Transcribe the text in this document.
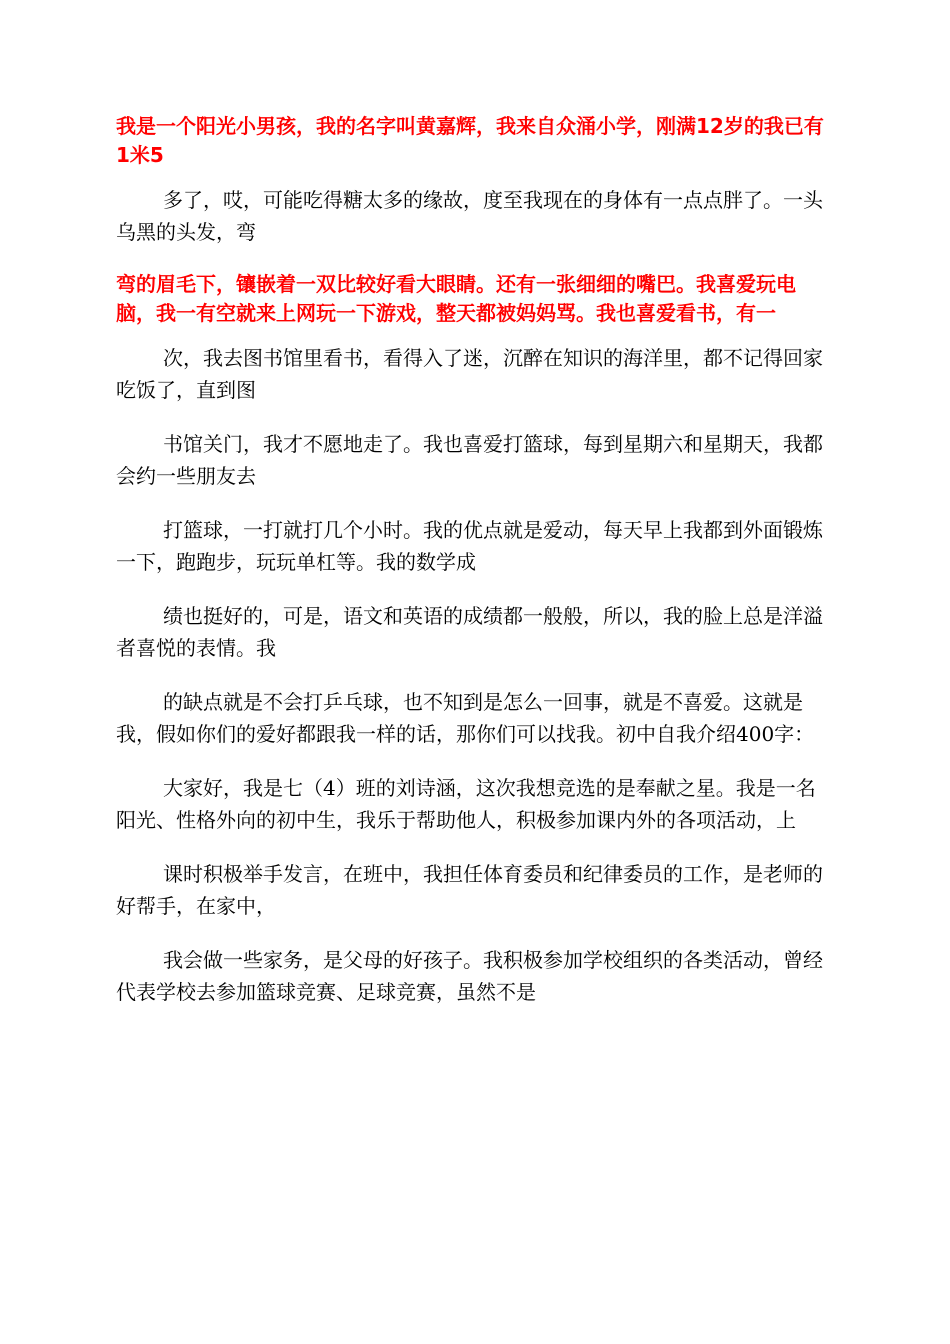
我是一个阳光小男孩，我的名字叫黄嘉辉，我来自众涌小学，刚满12岁的我已有1米5

多了，哎，可能吃得糖太多的缘故，度至我现在的身体有一点点胖了。一头乌黑的头发，弯

弯的眉毛下，镶嵌着一双比较好看大眼睛。还有一张细细的嘴巴。我喜爱玩电脑，我一有空就来上网玩一下游戏，整天都被妈妈骂。我也喜爱看书，有一

次，我去图书馆里看书，看得入了迷，沉醉在知识的海洋里，都不记得回家吃饭了，直到图

书馆关门，我才不愿地走了。我也喜爱打篮球，每到星期六和星期天，我都会约一些朋友去

打篮球，一打就打几个小时。我的优点就是爱动，每天早上我都到外面锻炼一下，跑跑步，玩玩单杠等。我的数学成

绩也挺好的，可是，语文和英语的成绩都一般般，所以，我的脸上总是洋溢者喜悦的表情。我

的缺点就是不会打乒乓球，也不知到是怎么一回事，就是不喜爱。这就是我，假如你们的爱好都跟我一样的话，那你们可以找我。初中自我介绍400字：

大家好，我是七（4）班的刘诗涵，这次我想竞选的是奉献之星。我是一名阳光、性格外向的初中生，我乐于帮助他人，积极参加课内外的各项活动，上

课时积极举手发言，在班中，我担任体育委员和纪律委员的工作，是老师的好帮手，在家中，

我会做一些家务，是父母的好孩子。我积极参加学校组织的各类活动，曾经代表学校去参加篮球竞赛、足球竞赛，虽然不是
